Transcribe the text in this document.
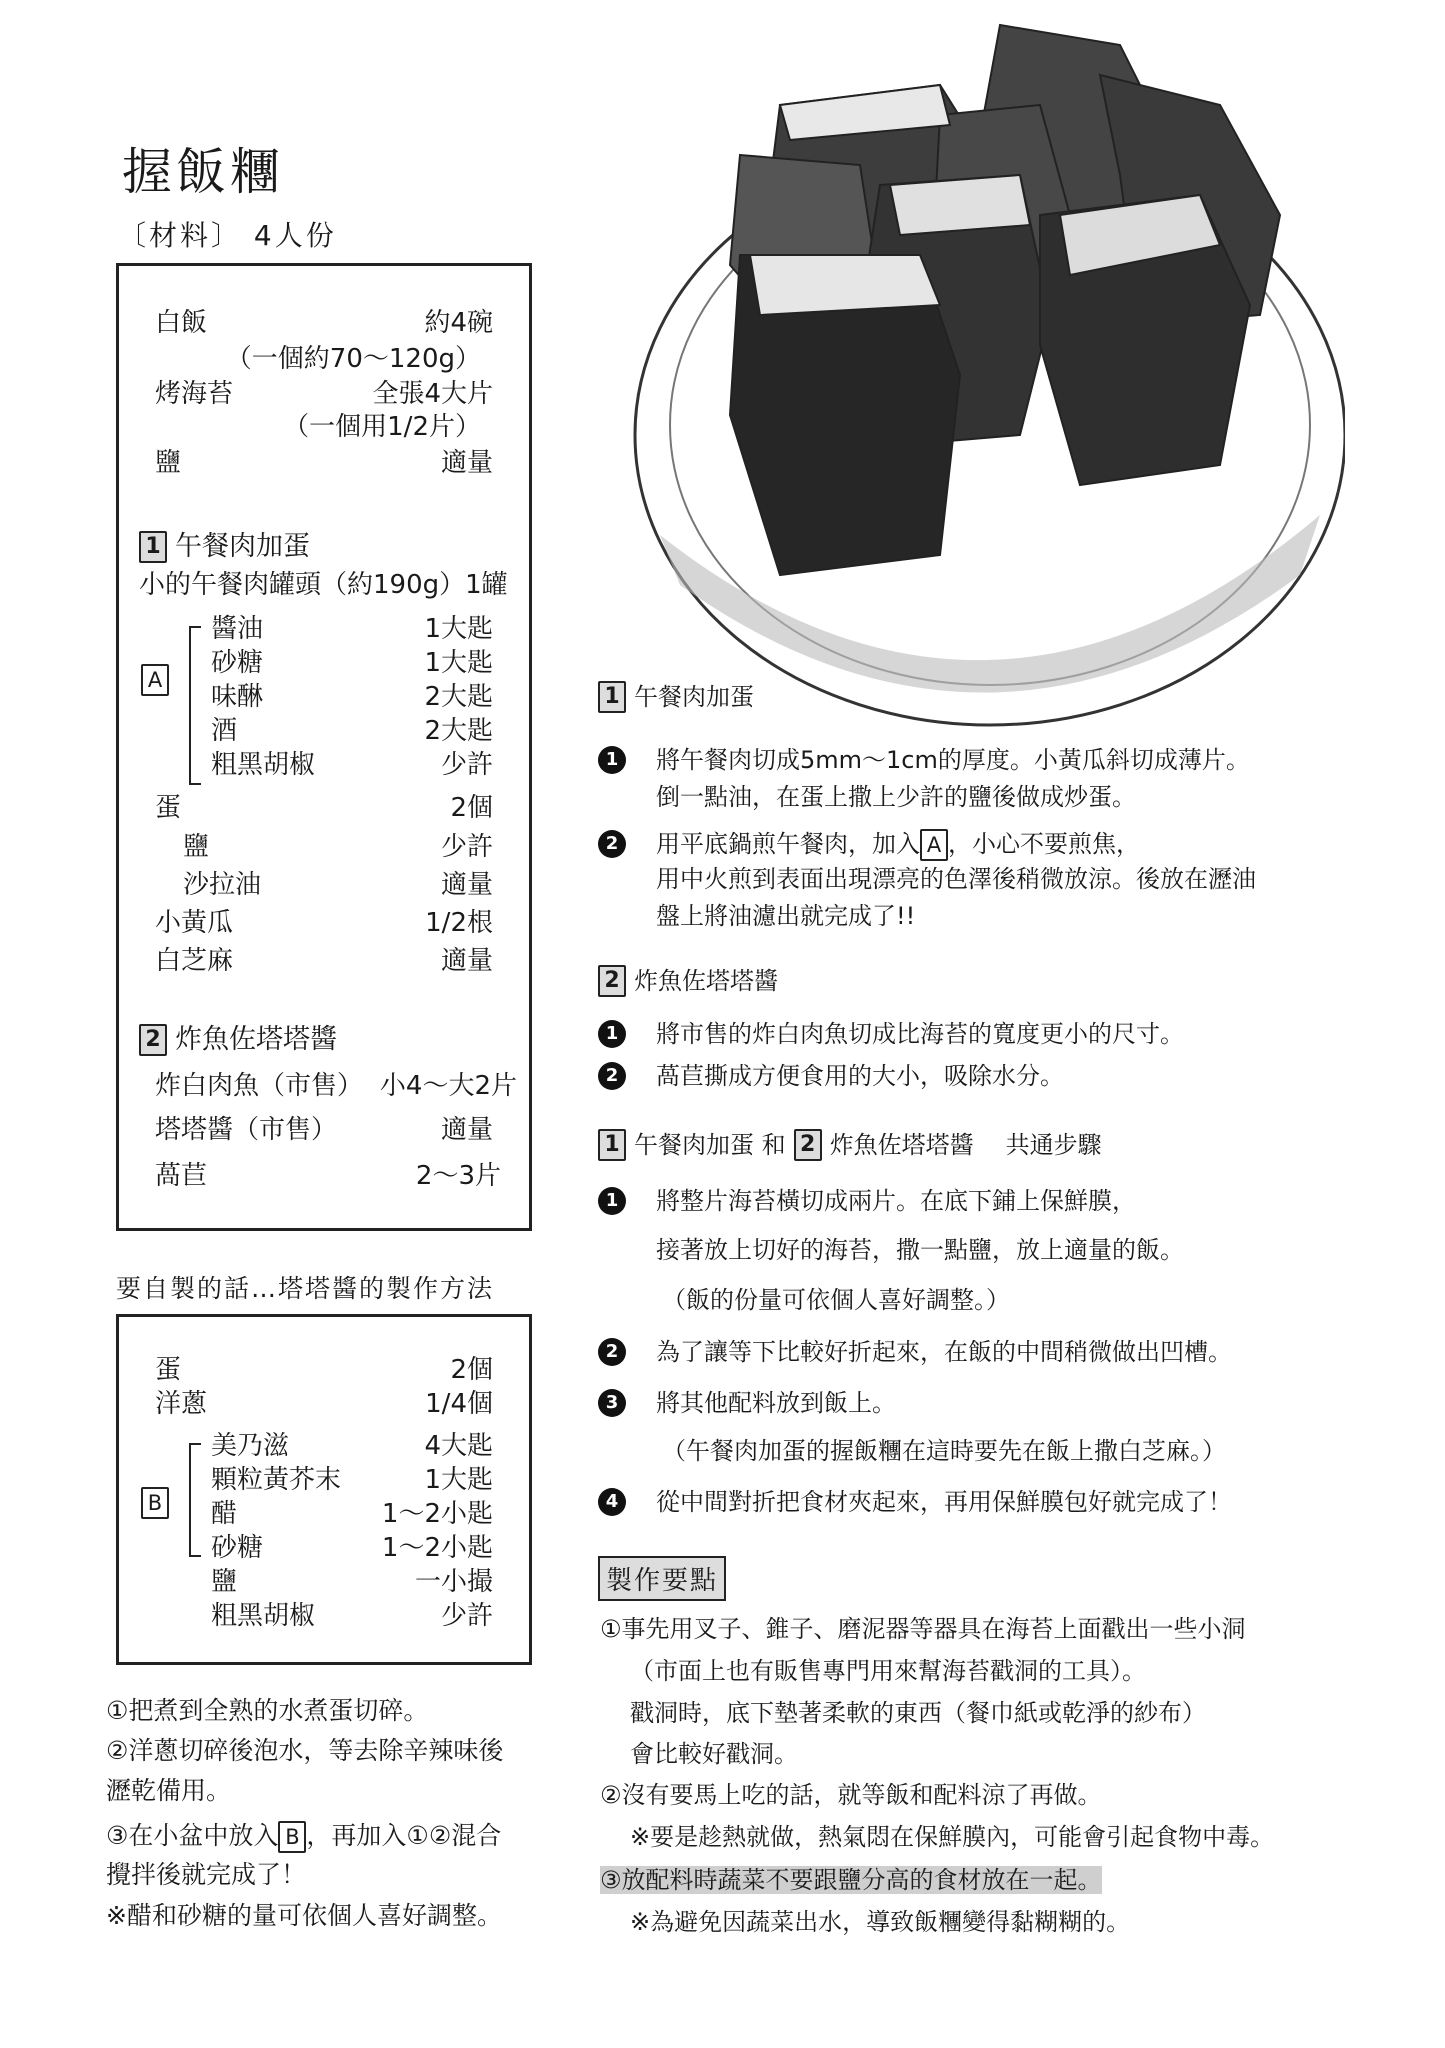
握飯糰
〔材料〕 4人份
白飯	約4碗
（一個約70～120g）
烤海苔	全張4大片
（一個用1/2片）
鹽	適量
1 午餐肉加蛋
小的午餐肉罐頭（約190g）1罐
A
醬油	1大匙
砂糖	1大匙
味醂	2大匙
酒	2大匙
粗黑胡椒	少許
蛋	2個
鹽	少許
沙拉油	適量
小黃瓜	1/2根
白芝麻	適量
2 炸魚佐塔塔醬
炸白肉魚（市售） 小4～大2片
塔塔醬（市售）	適量
萵苣	2～3片
要自製的話…塔塔醬的製作方法
蛋	2個
洋蔥	1/4個
B
美乃滋	4大匙
顆粒黃芥末	1大匙
醋	1～2小匙
砂糖	1～2小匙
鹽	一小撮
粗黑胡椒	少許
①把煮到全熟的水煮蛋切碎。
②洋蔥切碎後泡水，等去除辛辣味後
瀝乾備用。
③在小盆中放入 B ，再加入①②混合
攪拌後就完成了！
※醋和砂糖的量可依個人喜好調整。
1 午餐肉加蛋
1	將午餐肉切成5mm～1cm的厚度。小黃瓜斜切成薄片。
倒一點油，在蛋上撒上少許的鹽後做成炒蛋。
2	用平底鍋煎午餐肉，加入 A ，小心不要煎焦，
用中火煎到表面出現漂亮的色澤後稍微放涼。後放在瀝油
盤上將油濾出就完成了!!
2 炸魚佐塔塔醬
1	將市售的炸白肉魚切成比海苔的寬度更小的尺寸。
2	萵苣撕成方便食用的大小，吸除水分。
1 午餐肉加蛋 和 2 炸魚佐塔塔醬 共通步驟
1	將整片海苔橫切成兩片。在底下鋪上保鮮膜，
接著放上切好的海苔，撒一點鹽，放上適量的飯。
（飯的份量可依個人喜好調整。）
2	為了讓等下比較好折起來，在飯的中間稍微做出凹槽。
3	將其他配料放到飯上。
（午餐肉加蛋的握飯糰在這時要先在飯上撒白芝麻。）
4	從中間對折把食材夾起來，再用保鮮膜包好就完成了！
製作要點
①事先用叉子、錐子、磨泥器等器具在海苔上面戳出一些小洞
（市面上也有販售專門用來幫海苔戳洞的工具）。
戳洞時，底下墊著柔軟的東西（餐巾紙或乾淨的紗布）
會比較好戳洞。
②沒有要馬上吃的話，就等飯和配料涼了再做。
※要是趁熱就做，熱氣悶在保鮮膜內，可能會引起食物中毒。
③放配料時蔬菜不要跟鹽分高的食材放在一起。
※為避免因蔬菜出水，導致飯糰變得黏糊糊的。
